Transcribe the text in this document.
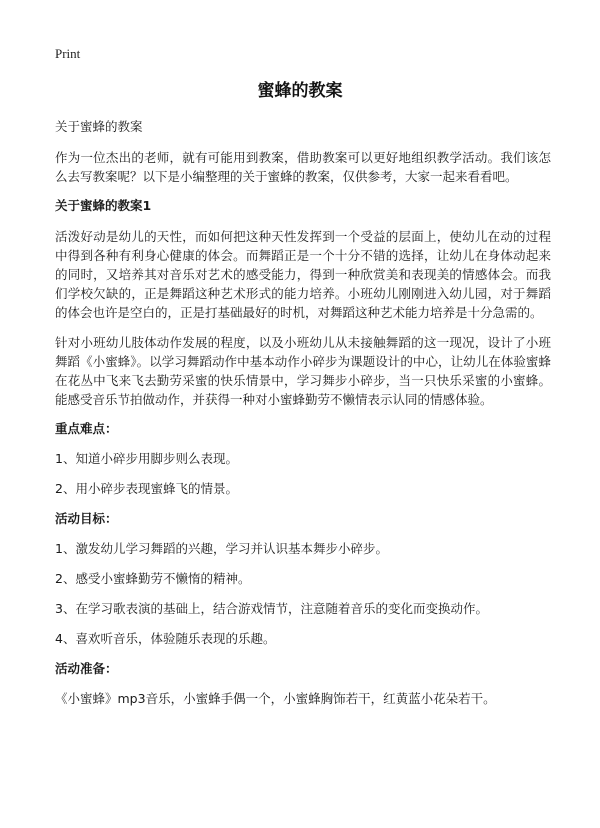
Print
蜜蜂的教案
关于蜜蜂的教案
作为一位杰出的老师，就有可能用到教案，借助教案可以更好地组织教学活动。我们该怎么去写教案呢？以下是小编整理的关于蜜蜂的教案，仅供参考，大家一起来看看吧。
关于蜜蜂的教案1
活泼好动是幼儿的天性，而如何把这种天性发挥到一个受益的层面上，使幼儿在动的过程中得到各种有利身心健康的体会。而舞蹈正是一个十分不错的选择，让幼儿在身体动起来的同时，又培养其对音乐对艺术的感受能力，得到一种欣赏美和表现美的情感体会。而我们学校欠缺的，正是舞蹈这种艺术形式的能力培养。小班幼儿刚刚进入幼儿园，对于舞蹈的体会也许是空白的，正是打基础最好的时机，对舞蹈这种艺术能力培养是十分急需的。
针对小班幼儿肢体动作发展的程度，以及小班幼儿从未接触舞蹈的这一现况，设计了小班舞蹈《小蜜蜂》。以学习舞蹈动作中基本动作小碎步为课题设计的中心，让幼儿在体验蜜蜂在花丛中飞来飞去勤劳采蜜的快乐情景中，学习舞步小碎步，当一只快乐采蜜的小蜜蜂。能感受音乐节拍做动作，并获得一种对小蜜蜂勤劳不懒情表示认同的情感体验。
重点难点：
1、知道小碎步用脚步则么表现。
2、用小碎步表现蜜蜂飞的情景。
活动目标：
1、激发幼儿学习舞蹈的兴趣，学习并认识基本舞步小碎步。
2、感受小蜜蜂勤劳不懒惰的精神。
3、在学习歌表演的基础上，结合游戏情节，注意随着音乐的变化而变换动作。
4、喜欢听音乐，体验随乐表现的乐趣。
活动准备：
《小蜜蜂》mp3音乐，小蜜蜂手偶一个，小蜜蜂胸饰若干，红黄蓝小花朵若干。
